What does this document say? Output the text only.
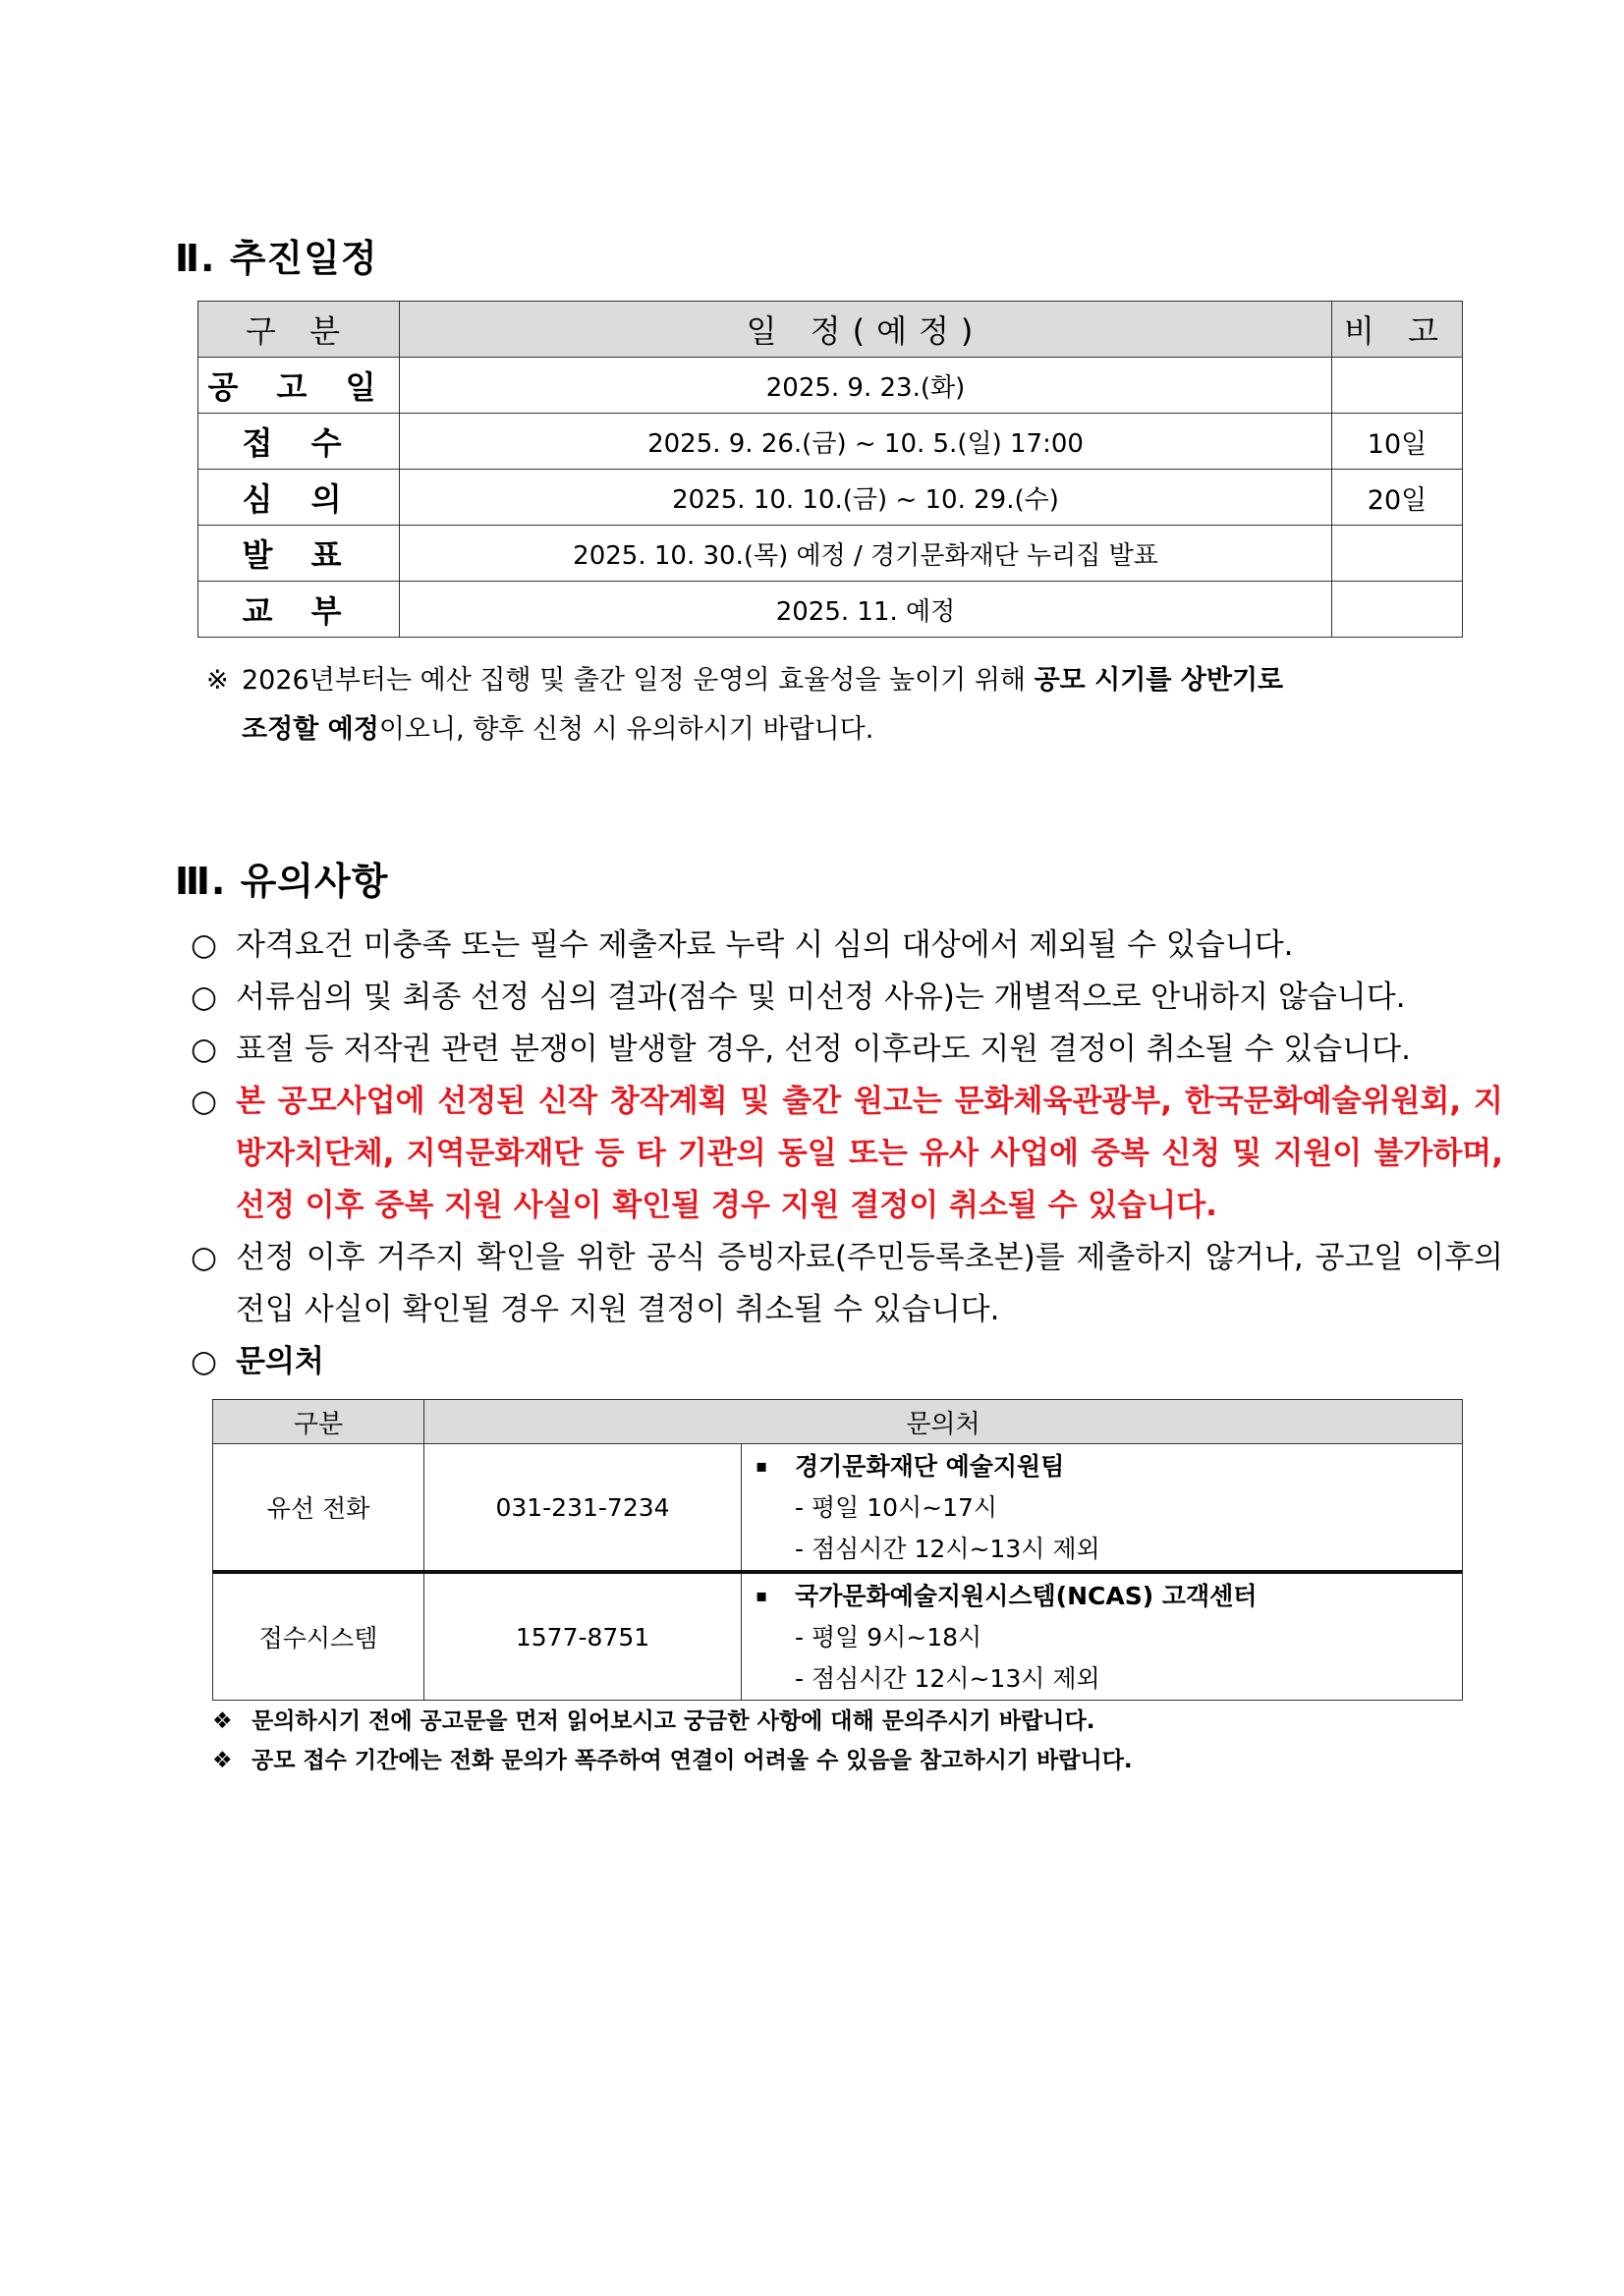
Ⅱ. 추진일정
구 분	일 정(예정)	비 고
공 고 일	2025. 9. 23.(화)	
접 수	2025. 9. 26.(금) ~ 10. 5.(일) 17:00	10일
심 의	2025. 10. 10.(금) ~ 10. 29.(수)	20일
발 표	2025. 10. 30.(목) 예정 / 경기문화재단 누리집 발표	
교 부	2025. 11. 예정	
※ 2026년부터는 예산 집행 및 출간 일정 운영의 효율성을 높이기 위해 공모 시기를 상반기로
조정할 예정이오니, 향후 신청 시 유의하시기 바랍니다.
Ⅲ. 유의사항
○ 자격요건 미충족 또는 필수 제출자료 누락 시 심의 대상에서 제외될 수 있습니다.
○ 서류심의 및 최종 선정 심의 결과(점수 및 미선정 사유)는 개별적으로 안내하지 않습니다.
○ 표절 등 저작권 관련 분쟁이 발생할 경우, 선정 이후라도 지원 결정이 취소될 수 있습니다.
○ 본 공모사업에 선정된 신작 창작계획 및 출간 원고는 문화체육관광부, 한국문화예술위원회, 지방자치단체, 지역문화재단 등 타 기관의 동일 또는 유사 사업에 중복 신청 및 지원이 불가하며, 선정 이후 중복 지원 사실이 확인될 경우 지원 결정이 취소될 수 있습니다.
○ 선정 이후 거주지 확인을 위한 공식 증빙자료(주민등록초본)를 제출하지 않거나, 공고일 이후의 전입 사실이 확인될 경우 지원 결정이 취소될 수 있습니다.
○ 문의처
구분	문의처	
유선 전화	031-231-7234	▪ 경기문화재단 예술지원팀
- 평일 10시~17시
- 점심시간 12시~13시 제외

접수시스템	1577-8751	▪ 국가문화예술지원시스템(NCAS) 고객센터
- 평일 9시~18시
- 점심시간 12시~13시 제외
❖ 문의하시기 전에 공고문을 먼저 읽어보시고 궁금한 사항에 대해 문의주시기 바랍니다.
❖ 공모 접수 기간에는 전화 문의가 폭주하여 연결이 어려울 수 있음을 참고하시기 바랍니다.
